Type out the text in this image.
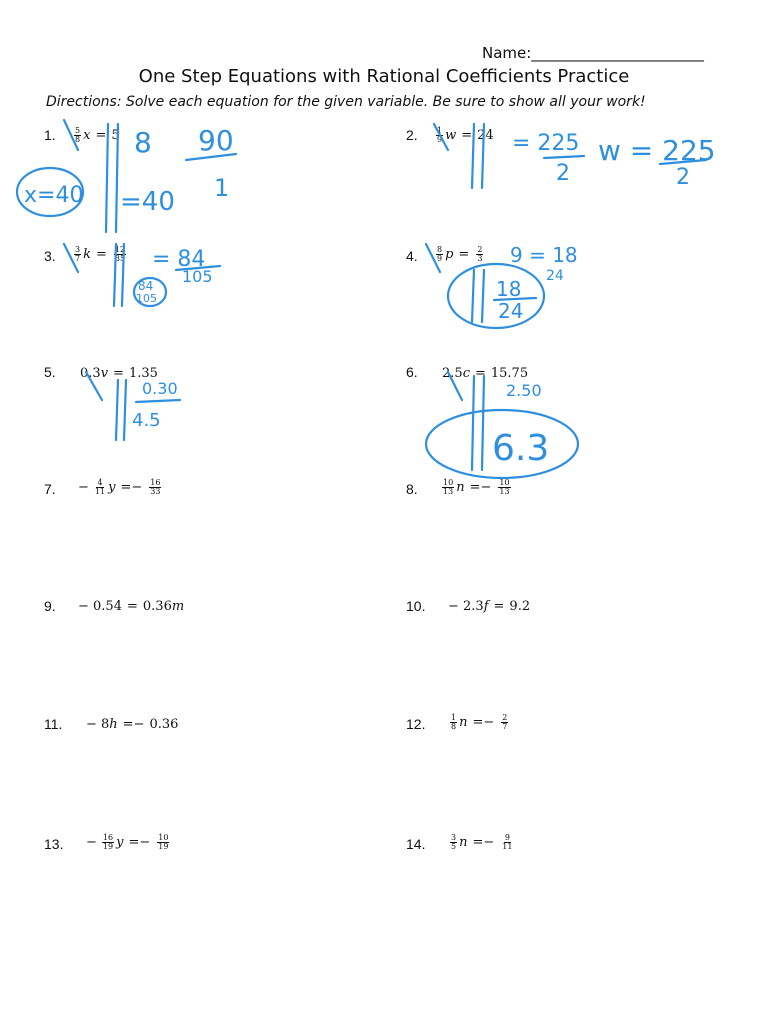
Name:_______________________
One Step Equations with Rational Coefficients Practice
Directions: Solve each equation for the given variable. Be sure to show all your work!
1. $\frac{5}{8}$ x = 5	2. $\frac{1}{9}$ w = 24
3. $\frac{3}{7}$ $k = \frac{12}{35}$	4. $\frac{8}{9}$ $p = \frac{2}{3}$
5. 0.3 v = 1.35	6. 2.5 c = 15.75
7. − $\frac{4}{11}$ $y =- \frac{16}{33}$	8.	$\frac{10}{13}$ $n =- \frac{10}{13}$
9. − 0.54 = 0.36 m	10. − 2.3 f = 9.2
11. − 8 h =− 0.36	12.	$\frac{1}{8}$ $n =- \frac{2}{7}$
13. − $\frac{16}{19}$ $y =- \frac{10}{19}$	14.	$\frac{3}{5}$ $n =- \frac{9}{11}$
8 90
1
x=40 =40
= 225
2
w = 225
2
= 84
105
84
105
9 = 18
24
18
24
0.30
4.5
2.50
6.3
